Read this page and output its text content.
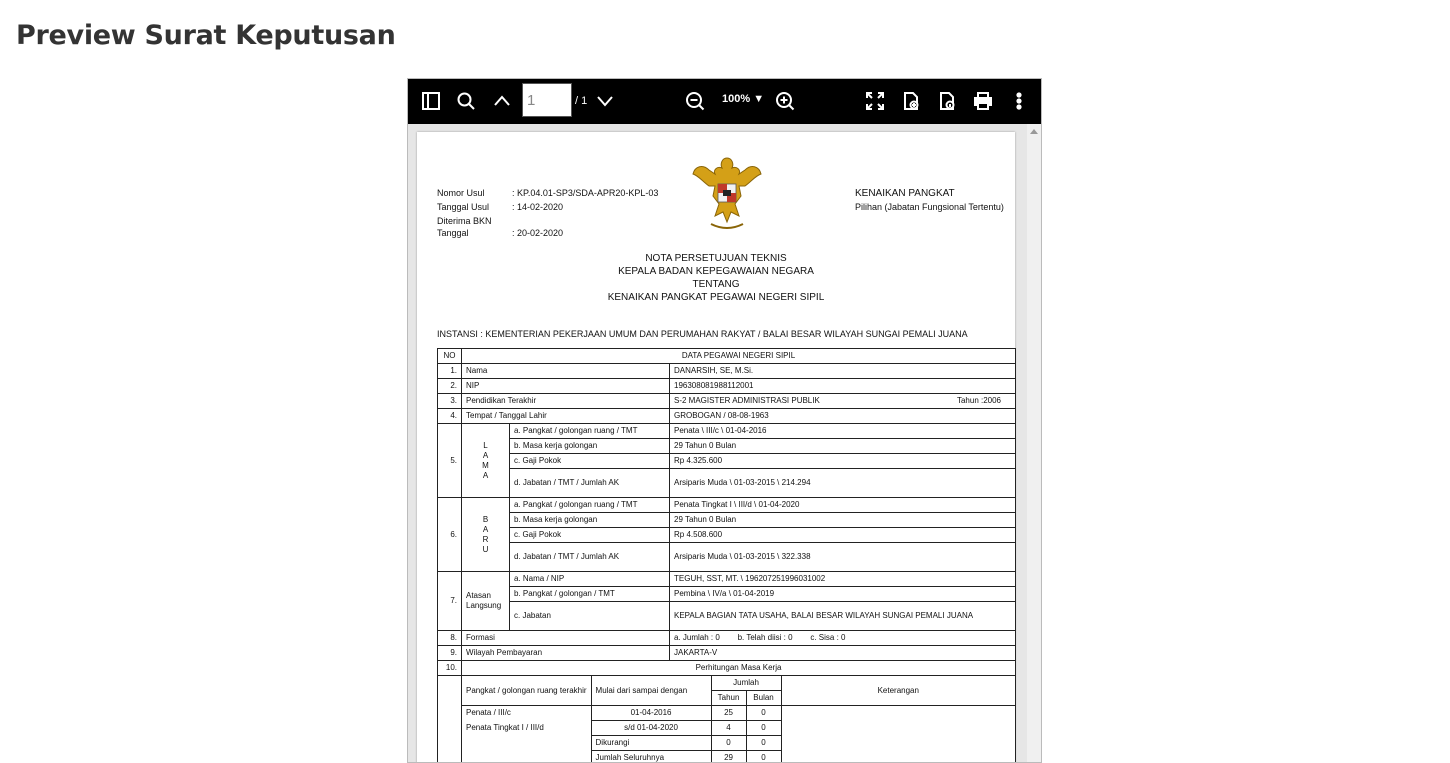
Preview Surat Keputusan
1
/ 1	100% ▼
Nomor Usul	: KP.04.01-SP3/SDA-APR20-KPL-03
Tanggal Usul	: 14-02-2020
Diterima BKN
Tanggal	: 20-02-2020
KENAIKAN PANGKAT
Pilihan (Jabatan Fungsional Tertentu)
NOTA PERSETUJUAN TEKNIS
KEPALA BADAN KEPEGAWAIAN NEGARA
TENTANG
KENAIKAN PANGKAT PEGAWAI NEGERI SIPIL
INSTANSI : KEMENTERIAN PEKERJAAN UMUM DAN PERUMAHAN RAKYAT / BALAI BESAR WILAYAH SUNGAI PEMALI JUANA
NO	DATA PEGAWAI NEGERI SIPIL
1.	Nama	DANARSIH, SE, M.Si.
2.	NIP	196308081988112001
3.	Pendidikan Terakhir	S-2 MAGISTER ADMINISTRASI PUBLIK	Tahun :2006

4.	Tempat / Tanggal Lahir	GROBOGAN / 08-08-1963
5.	L A M A	a. Pangkat / golongan ruang / TMT	Penata \ III/c \ 01-04-2016
b. Masa kerja golongan	29 Tahun 0 Bulan
c. Gaji Pokok	Rp 4.325.600
d. Jabatan / TMT / Jumlah AK	Arsiparis Muda \ 01-03-2015 \ 214.294
6.	B A R U	a. Pangkat / golongan ruang / TMT	Penata Tingkat I \ III/d \ 01-04-2020
b. Masa kerja golongan	29 Tahun 0 Bulan
c. Gaji Pokok	Rp 4.508.600
d. Jabatan / TMT / Jumlah AK	Arsiparis Muda \ 01-03-2015 \ 322.338
7.	Atasan Langsung	a. Nama / NIP	TEGUH, SST, MT. \ 196207251996031002
b. Pangkat / golongan / TMT	Pembina \ IV/a \ 01-04-2019
c. Jabatan	KEPALA BAGIAN TATA USAHA, BALAI BESAR WILAYAH SUNGAI PEMALI JUANA
8.	Formasi	a. Jumlah : 0        b. Telah diisi : 0        c. Sisa : 0
9.	Wilayah Pembayaran	JAKARTA-V
10.	Perhitungan Masa Kerja

Pangkat / golongan ruang terakhir	Mulai dari sampai dengan	Jumlah	Keterangan
Tahun	Bulan
Penata / III/c	01-04-2016	25	0	
Penata Tingkat I / III/d	s/d 01-04-2020	4	0	
	Dikurangi	0	0	
	Jumlah Seluruhnya	29	0	
